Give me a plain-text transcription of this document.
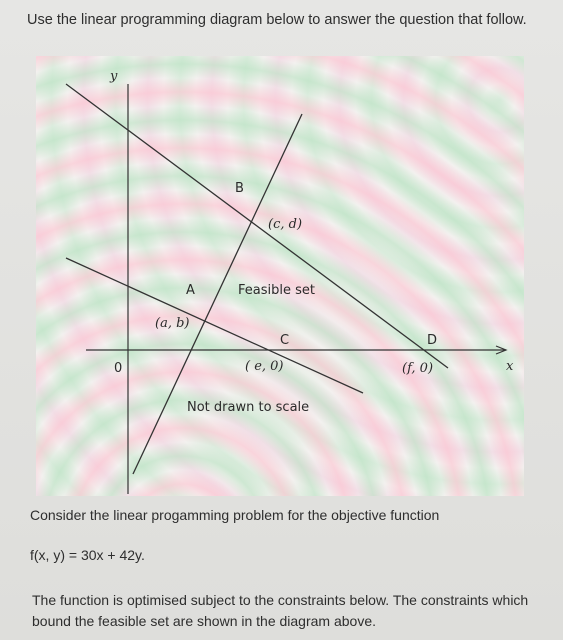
Use the linear programming diagram below to answer the question that follow.
y
x
0
B
(c, d)
A	Feasible set
(a, b)
C	D
( e, 0)	(f, 0)
Not drawn to scale
Consider the linear progamming problem for the objective function
f(x, y) = 30x + 42y.
The function is optimised subject to the constraints below. The constraints which bound the feasible set are shown in the diagram above.
